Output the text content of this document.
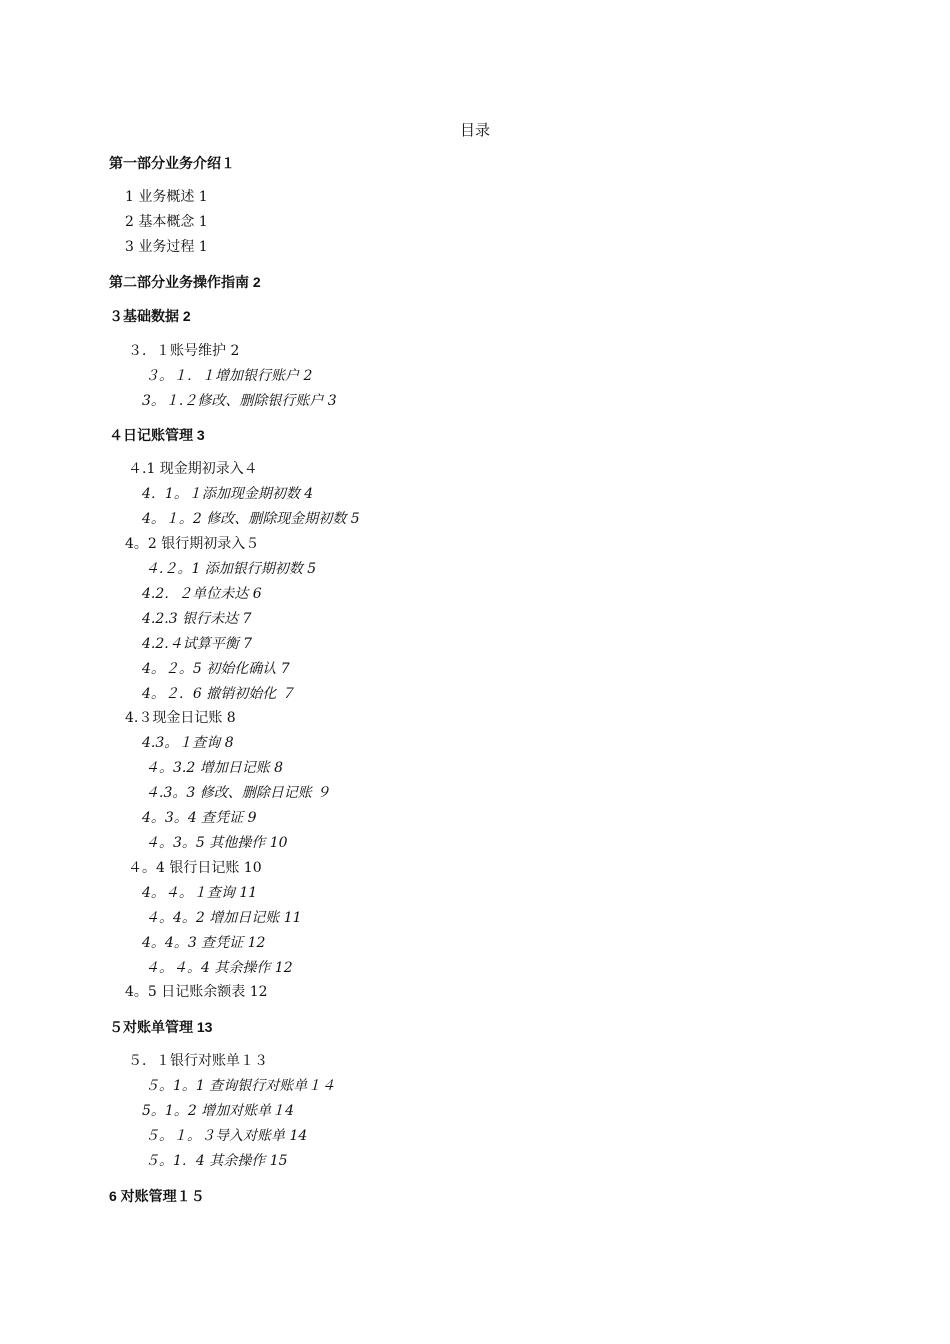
目录
第一部分业务介绍１
1 业务概述 1
2 基本概念 1
3 业务过程 1
第二部分业务操作指南 2
３基础数据 2
３．１账号维护 2
３。１．１增加银行账户 2
3。１.２修改、删除银行账户 3
４日记账管理 3
４.1 现金期初录入４
4．1。１添加现金期初数 4
4。１。2 修改、删除现金期初数 5
4。2 银行期初录入５
４.２。1 添加银行期初数 5
4.2．２单位未达 6
4.2.3 银行未达 7
4.2.４试算平衡 7
4。２。5 初始化确认 7
4。２．6 撤销初始化 ７
4.３现金日记账 8
4.3。１查询 8
４。3.2 增加日记账 8
４.3。3 修改、删除日记账 ９
4。3。4 查凭证 9
４。3。5 其他操作 10
４。4 银行日记账 10
4。４。１查询 11
４。4。2 增加日记账 11
4。4。3 查凭证 12
４。４。4 其余操作 12
4。5 日记账余额表 12
５对账单管理 13
５．１银行对账单１３
５。1。1 查询银行对账单１４
5。1。2 增加对账单１4
５。１。３导入对账单 14
５。1．4 其余操作 15
6 对账管理１５
